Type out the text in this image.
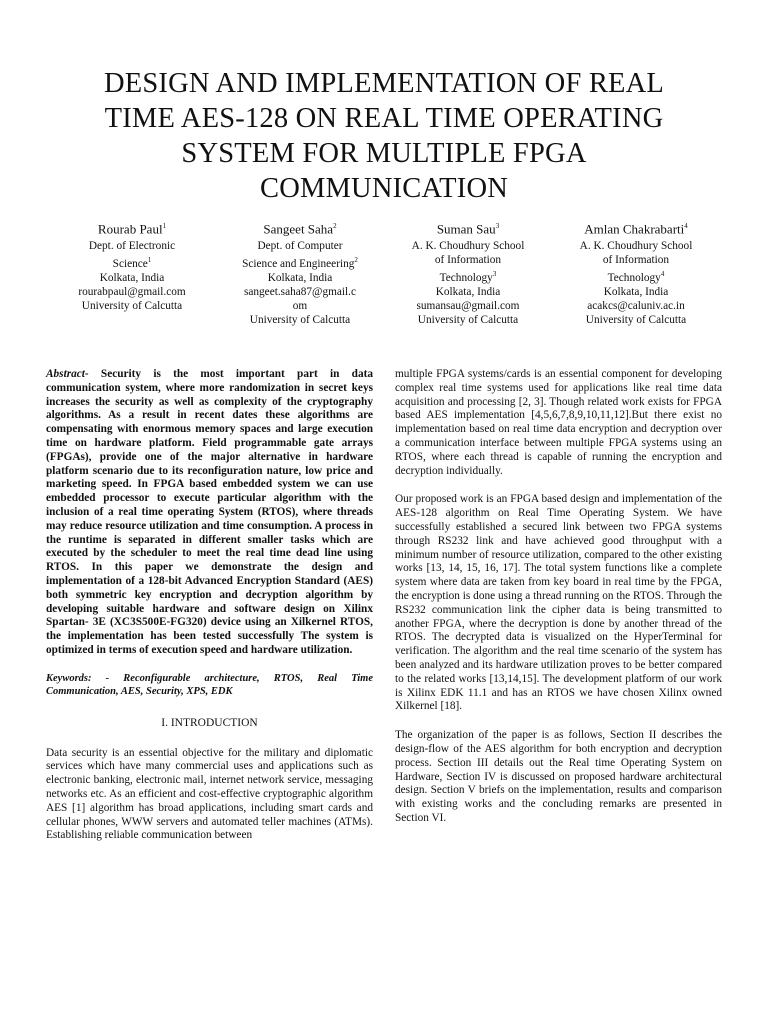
DESIGN AND IMPLEMENTATION OF REAL
TIME AES-128 ON REAL TIME OPERATING
SYSTEM FOR MULTIPLE FPGA
COMMUNICATION
Rourab Paul$^1$
Dept. of Electronic
Science$^1$
Kolkata, India
rourabpaul@gmail.com
University of Calcutta
Sangeet Saha$^2$
Dept. of Computer
Science and Engineering$^2$
Kolkata, India
sangeet.saha87@gmail.c
om
University of Calcutta
Suman Sau$^3$
A. K. Choudhury School
of Information
Technology$^3$
Kolkata, India
sumansau@gmail.com
University of Calcutta
Amlan Chakrabarti$^4$
A. K. Choudhury School
of Information
Technology$^4$
Kolkata, India
acakcs@caluniv.ac.in
University of Calcutta

Abstract- Security is the most important part in data communication system, where more randomization in secret keys increases the security as well as complexity of the cryptography algorithms. As a result in recent dates these algorithms are compensating with enormous memory spaces and large execution time on hardware platform. Field programmable gate arrays (FPGAs), provide one of the major alternative in hardware platform scenario due to its reconfiguration nature, low price and marketing speed. In FPGA based embedded system we can use embedded processor to execute particular algorithm with the inclusion of a real time operating System (RTOS), where threads may reduce resource utilization and time consumption. A process in the runtime is separated in different smaller tasks which are executed by the scheduler to meet the real time dead line using RTOS. In this paper we demonstrate the design and implementation of a 128-bit Advanced Encryption Standard (AES) both symmetric key encryption and decryption algorithm by developing suitable hardware and software design on Xilinx Spartan- 3E (XC3S500E-FG320) device using an Xilkernel RTOS, the implementation has been tested successfully The system is optimized in terms of execution speed and hardware utilization.

Keywords: - Reconfigurable architecture, RTOS, Real Time Communication, AES, Security, XPS, EDK

I. INTRODUCTION

Data security is an essential objective for the military and diplomatic services which have many commercial uses and applications such as electronic banking, electronic mail, internet network service, messaging networks etc. As an efficient and cost-effective cryptographic algorithm AES [1] algorithm has broad applications, including smart cards and cellular phones, WWW servers and automated teller machines (ATMs). Establishing reliable communication between

multiple FPGA systems/cards is an essential component for developing complex real time systems used for applications like real time data acquisition and processing [2, 3]. Though related work exists for FPGA based AES implementation [4,5,6,7,8,9,10,11,12].But there exist no implementation based on real time data encryption and decryption over a communication interface between multiple FPGA systems using an RTOS, where each thread is capable of running the encryption and decryption individually.

Our proposed work is an FPGA based design and implementation of the AES-128 algorithm on Real Time Operating System. We have successfully established a secured link between two FPGA systems through RS232 link and have achieved good throughput with a minimum number of resource utilization, compared to the other existing works [13, 14, 15, 16, 17]. The total system functions like a complete system where data are taken from key board in real time by the FPGA, the encryption is done using a thread running on the RTOS. Through the RS232 communication link the cipher data is being transmitted to another FPGA, where the decryption is done by another thread of the RTOS. The decrypted data is visualized on the HyperTerminal for verification. The algorithm and the real time scenario of the system has been analyzed and its hardware utilization proves to be better compared to the related works [13,14,15]. The development platform of our work is Xilinx EDK 11.1 and has an RTOS we have chosen Xilinx owned Xilkernel [18].

The organization of the paper is as follows, Section II describes the design-flow of the AES algorithm for both encryption and decryption process. Section III details out the Real time Operating System on Hardware, Section IV is discussed on proposed hardware architectural design. Section V briefs on the implementation, results and comparison with existing works and the concluding remarks are presented in Section VI.
